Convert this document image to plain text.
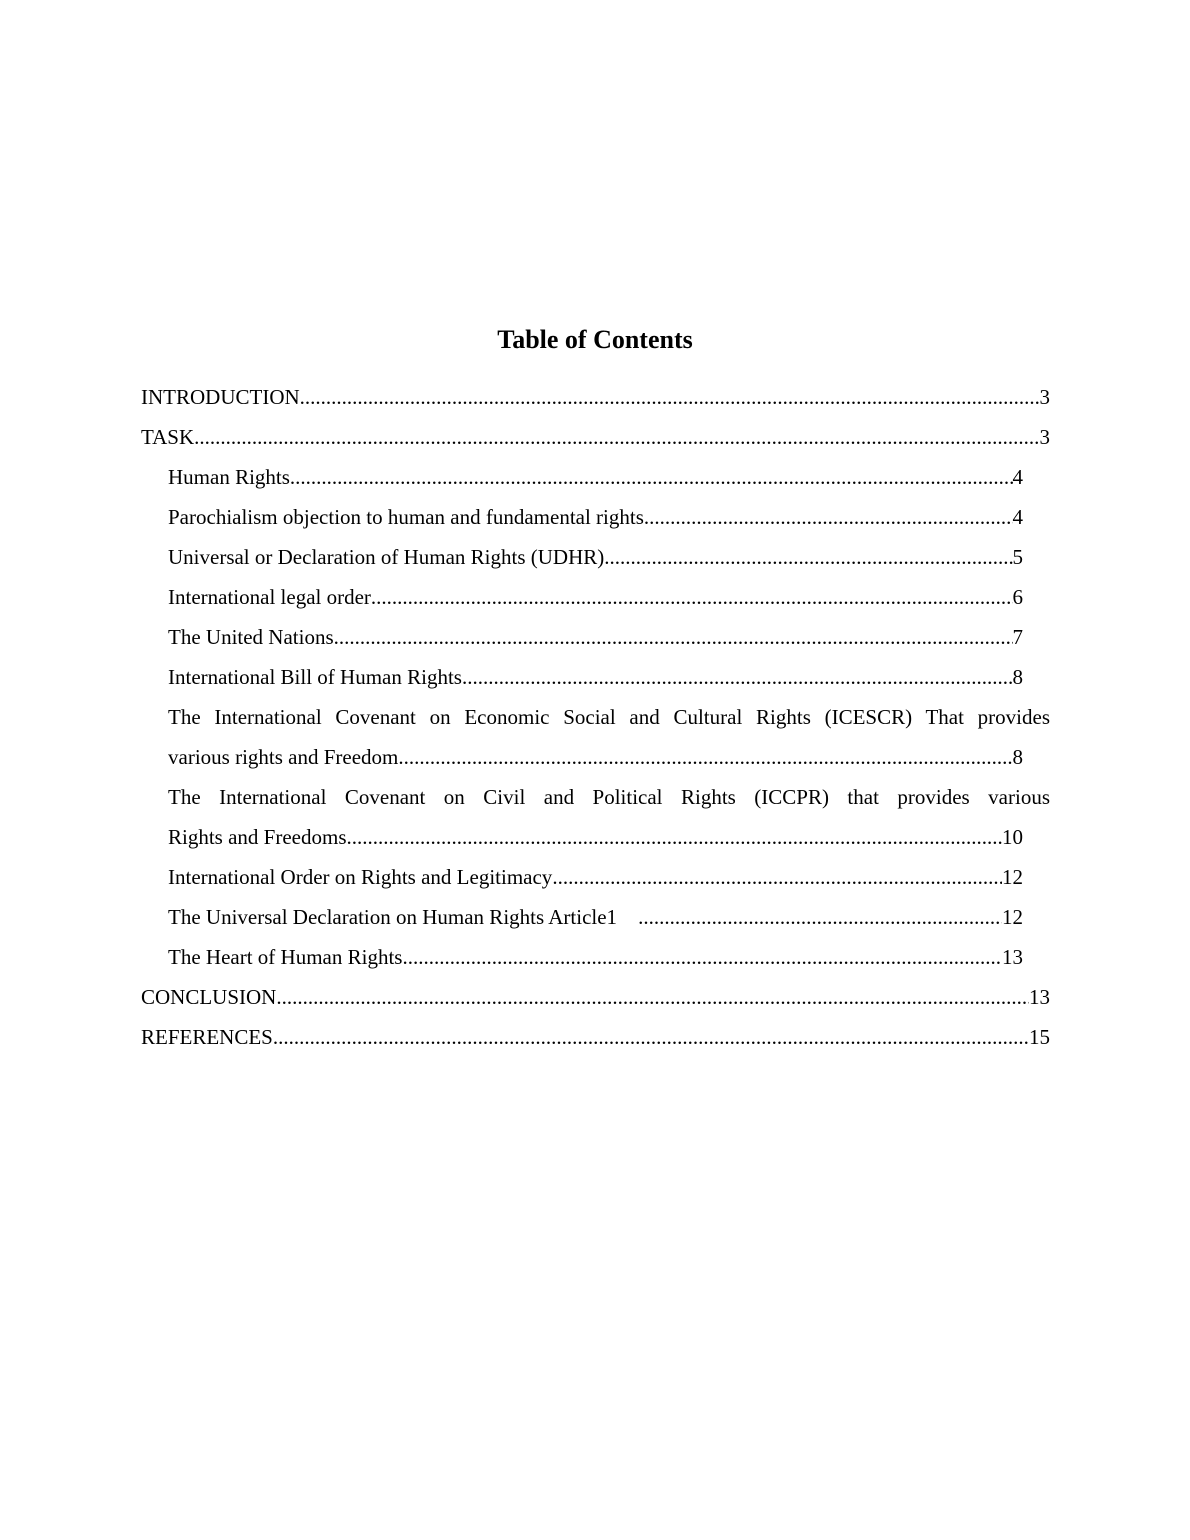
Table of Contents
INTRODUCTION .....	3
TASK .....	3
Human Rights .....	4
Parochialism objection to human and fundamental rights .....	4
Universal or Declaration of Human Rights (UDHR) .....	5
International legal order .....	6
The United Nations .....	7
International Bill of Human Rights .....	8
The International Covenant on Economic Social and Cultural Rights (ICESCR) That provides
various rights and Freedom .....	8
The International Covenant on Civil and Political Rights (ICCPR) that provides various
Rights and Freedoms .....	10
International Order on Rights and Legitimacy .....	12
The Universal Declaration on Human Rights Article1 .....	12
The Heart of Human Rights .....	13
CONCLUSION .....	13
REFERENCES .....	15
